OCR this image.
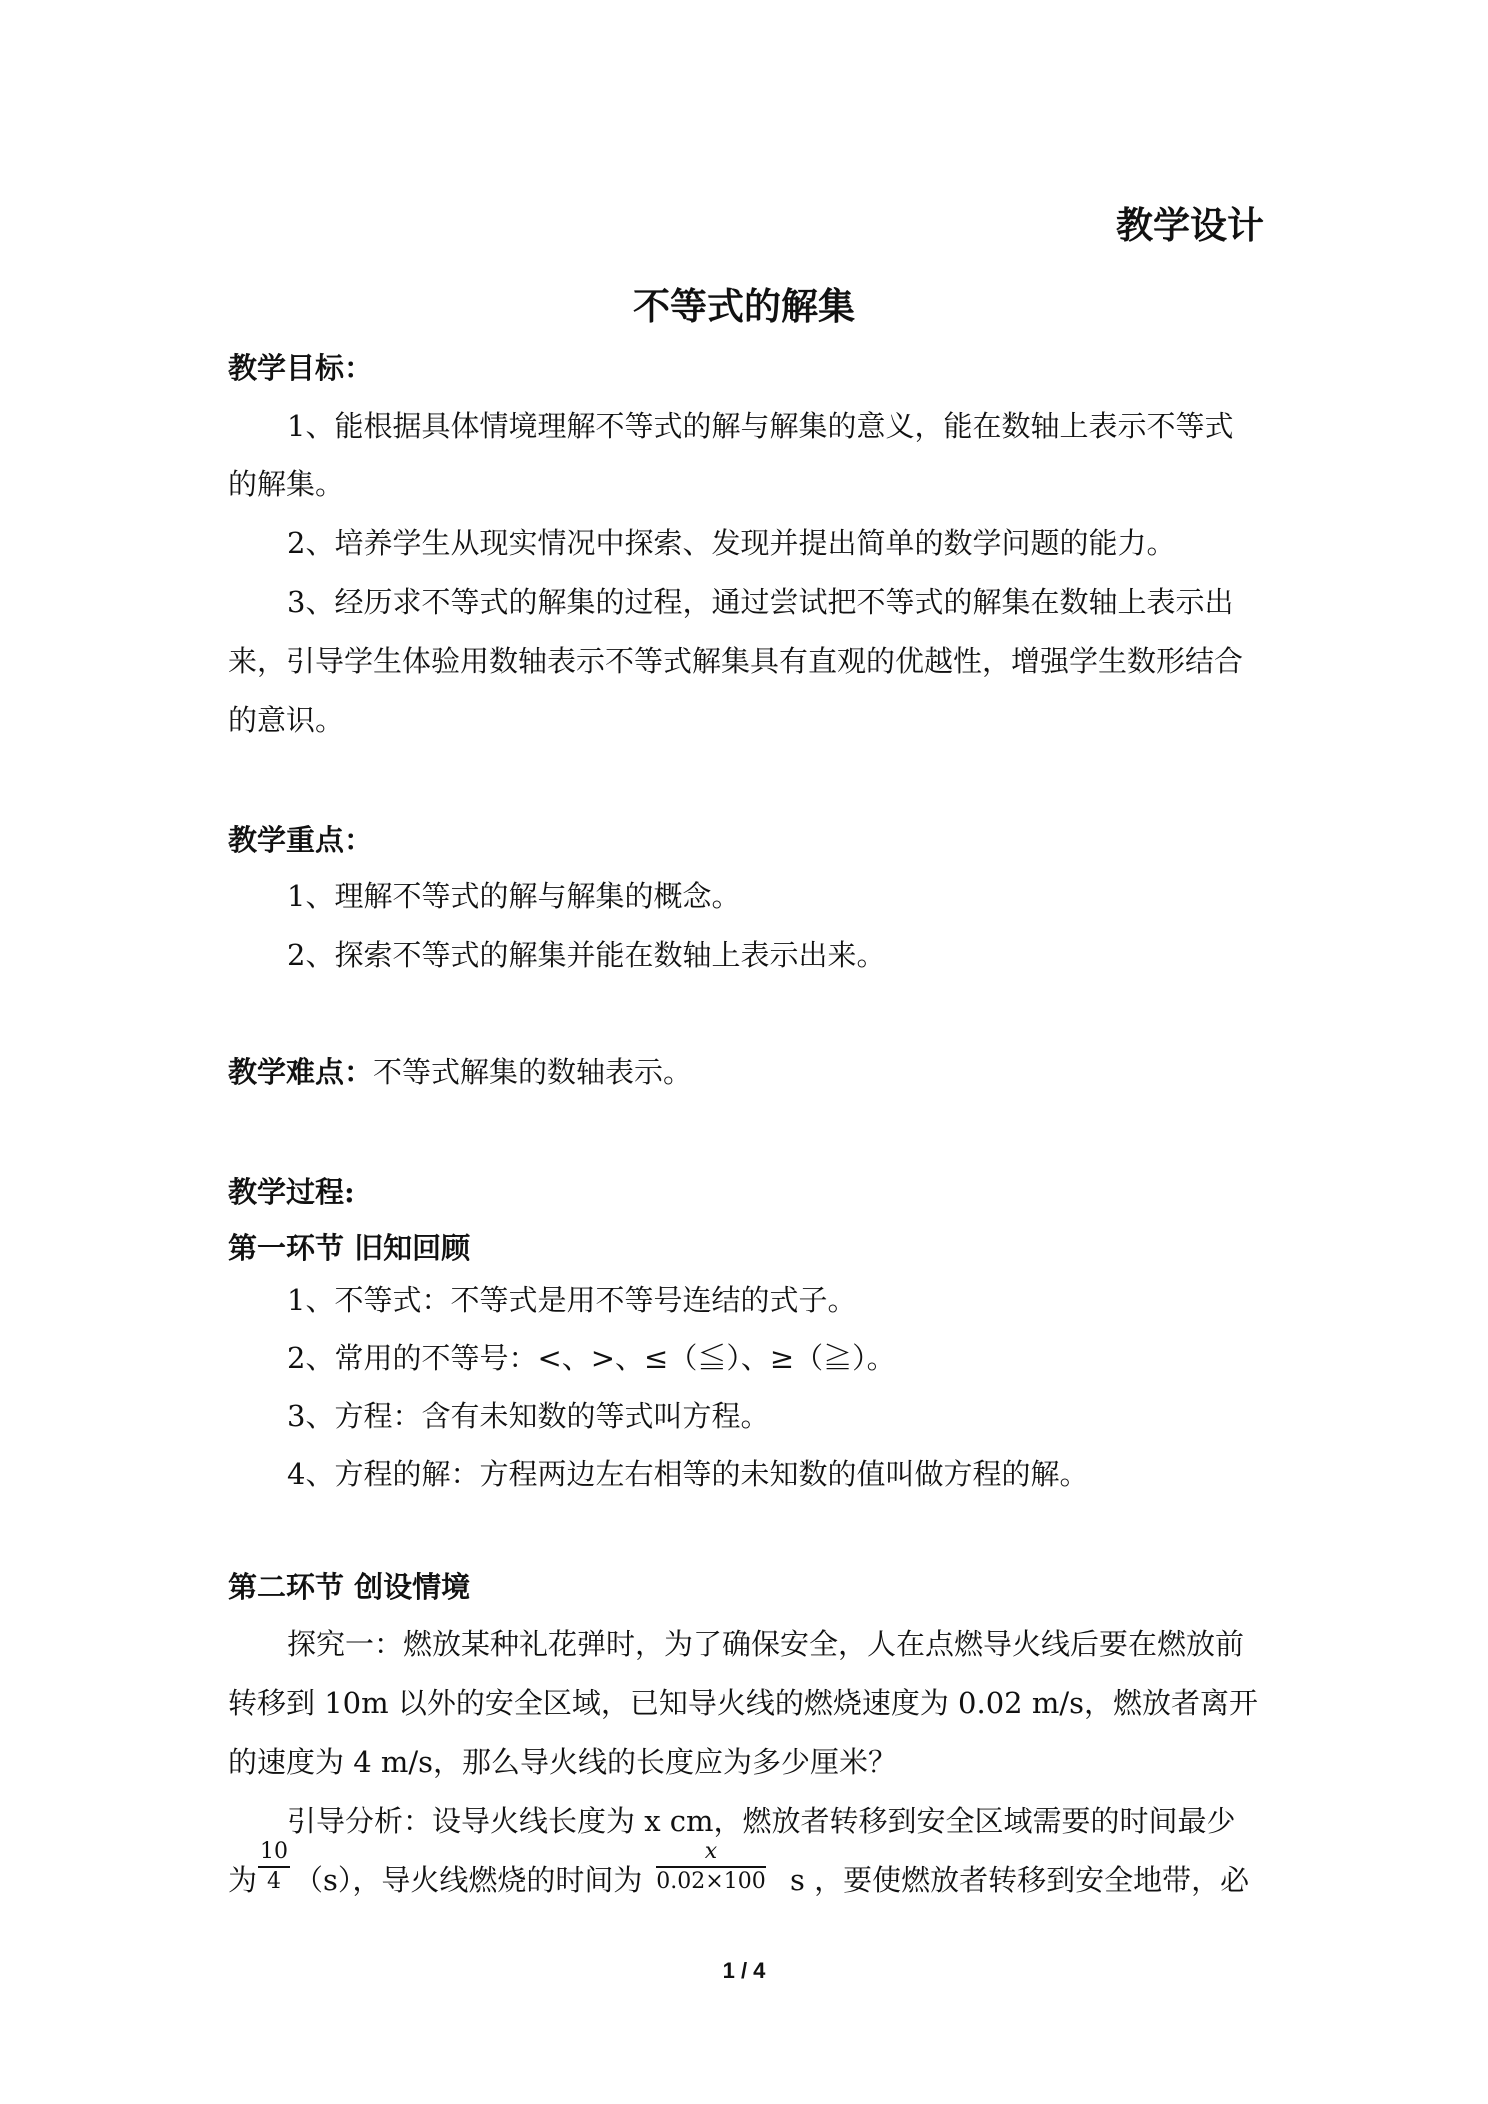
教学设计
不等式的解集
教学目标：
1、能根据具体情境理解不等式的解与解集的意义，能在数轴上表示不等式
的解集。
2、培养学生从现实情况中探索、发现并提出简单的数学问题的能力。
3、经历求不等式的解集的过程，通过尝试把不等式的解集在数轴上表示出
来，引导学生体验用数轴表示不等式解集具有直观的优越性，增强学生数形结合
的意识。
教学重点：
1、理解不等式的解与解集的概念。
2、探索不等式的解集并能在数轴上表示出来。
教学难点：不等式解集的数轴表示。
教学过程:
第一环节 旧知回顾
1、不等式：不等式是用不等号连结的式子。
2、常用的不等号：<、>、≤（≦）、≥（≧）。
3、方程：含有未知数的等式叫方程。
4、方程的解：方程两边左右相等的未知数的值叫做方程的解。
第二环节 创设情境
探究一：燃放某种礼花弹时，为了确保安全，人在点燃导火线后要在燃放前
转移到 10m 以外的安全区域，已知导火线的燃烧速度为 0.02 m/s，燃放者离开
的速度为 4 m/s，那么导火线的长度应为多少厘米？
引导分析：设导火线长度为 x cm，燃放者转移到安全区域需要的时间最少
为
10
4 （s），导火线燃烧的时间为
x
0.02×100 s ，要使燃放者转移到安全地带，必
1 / 4
